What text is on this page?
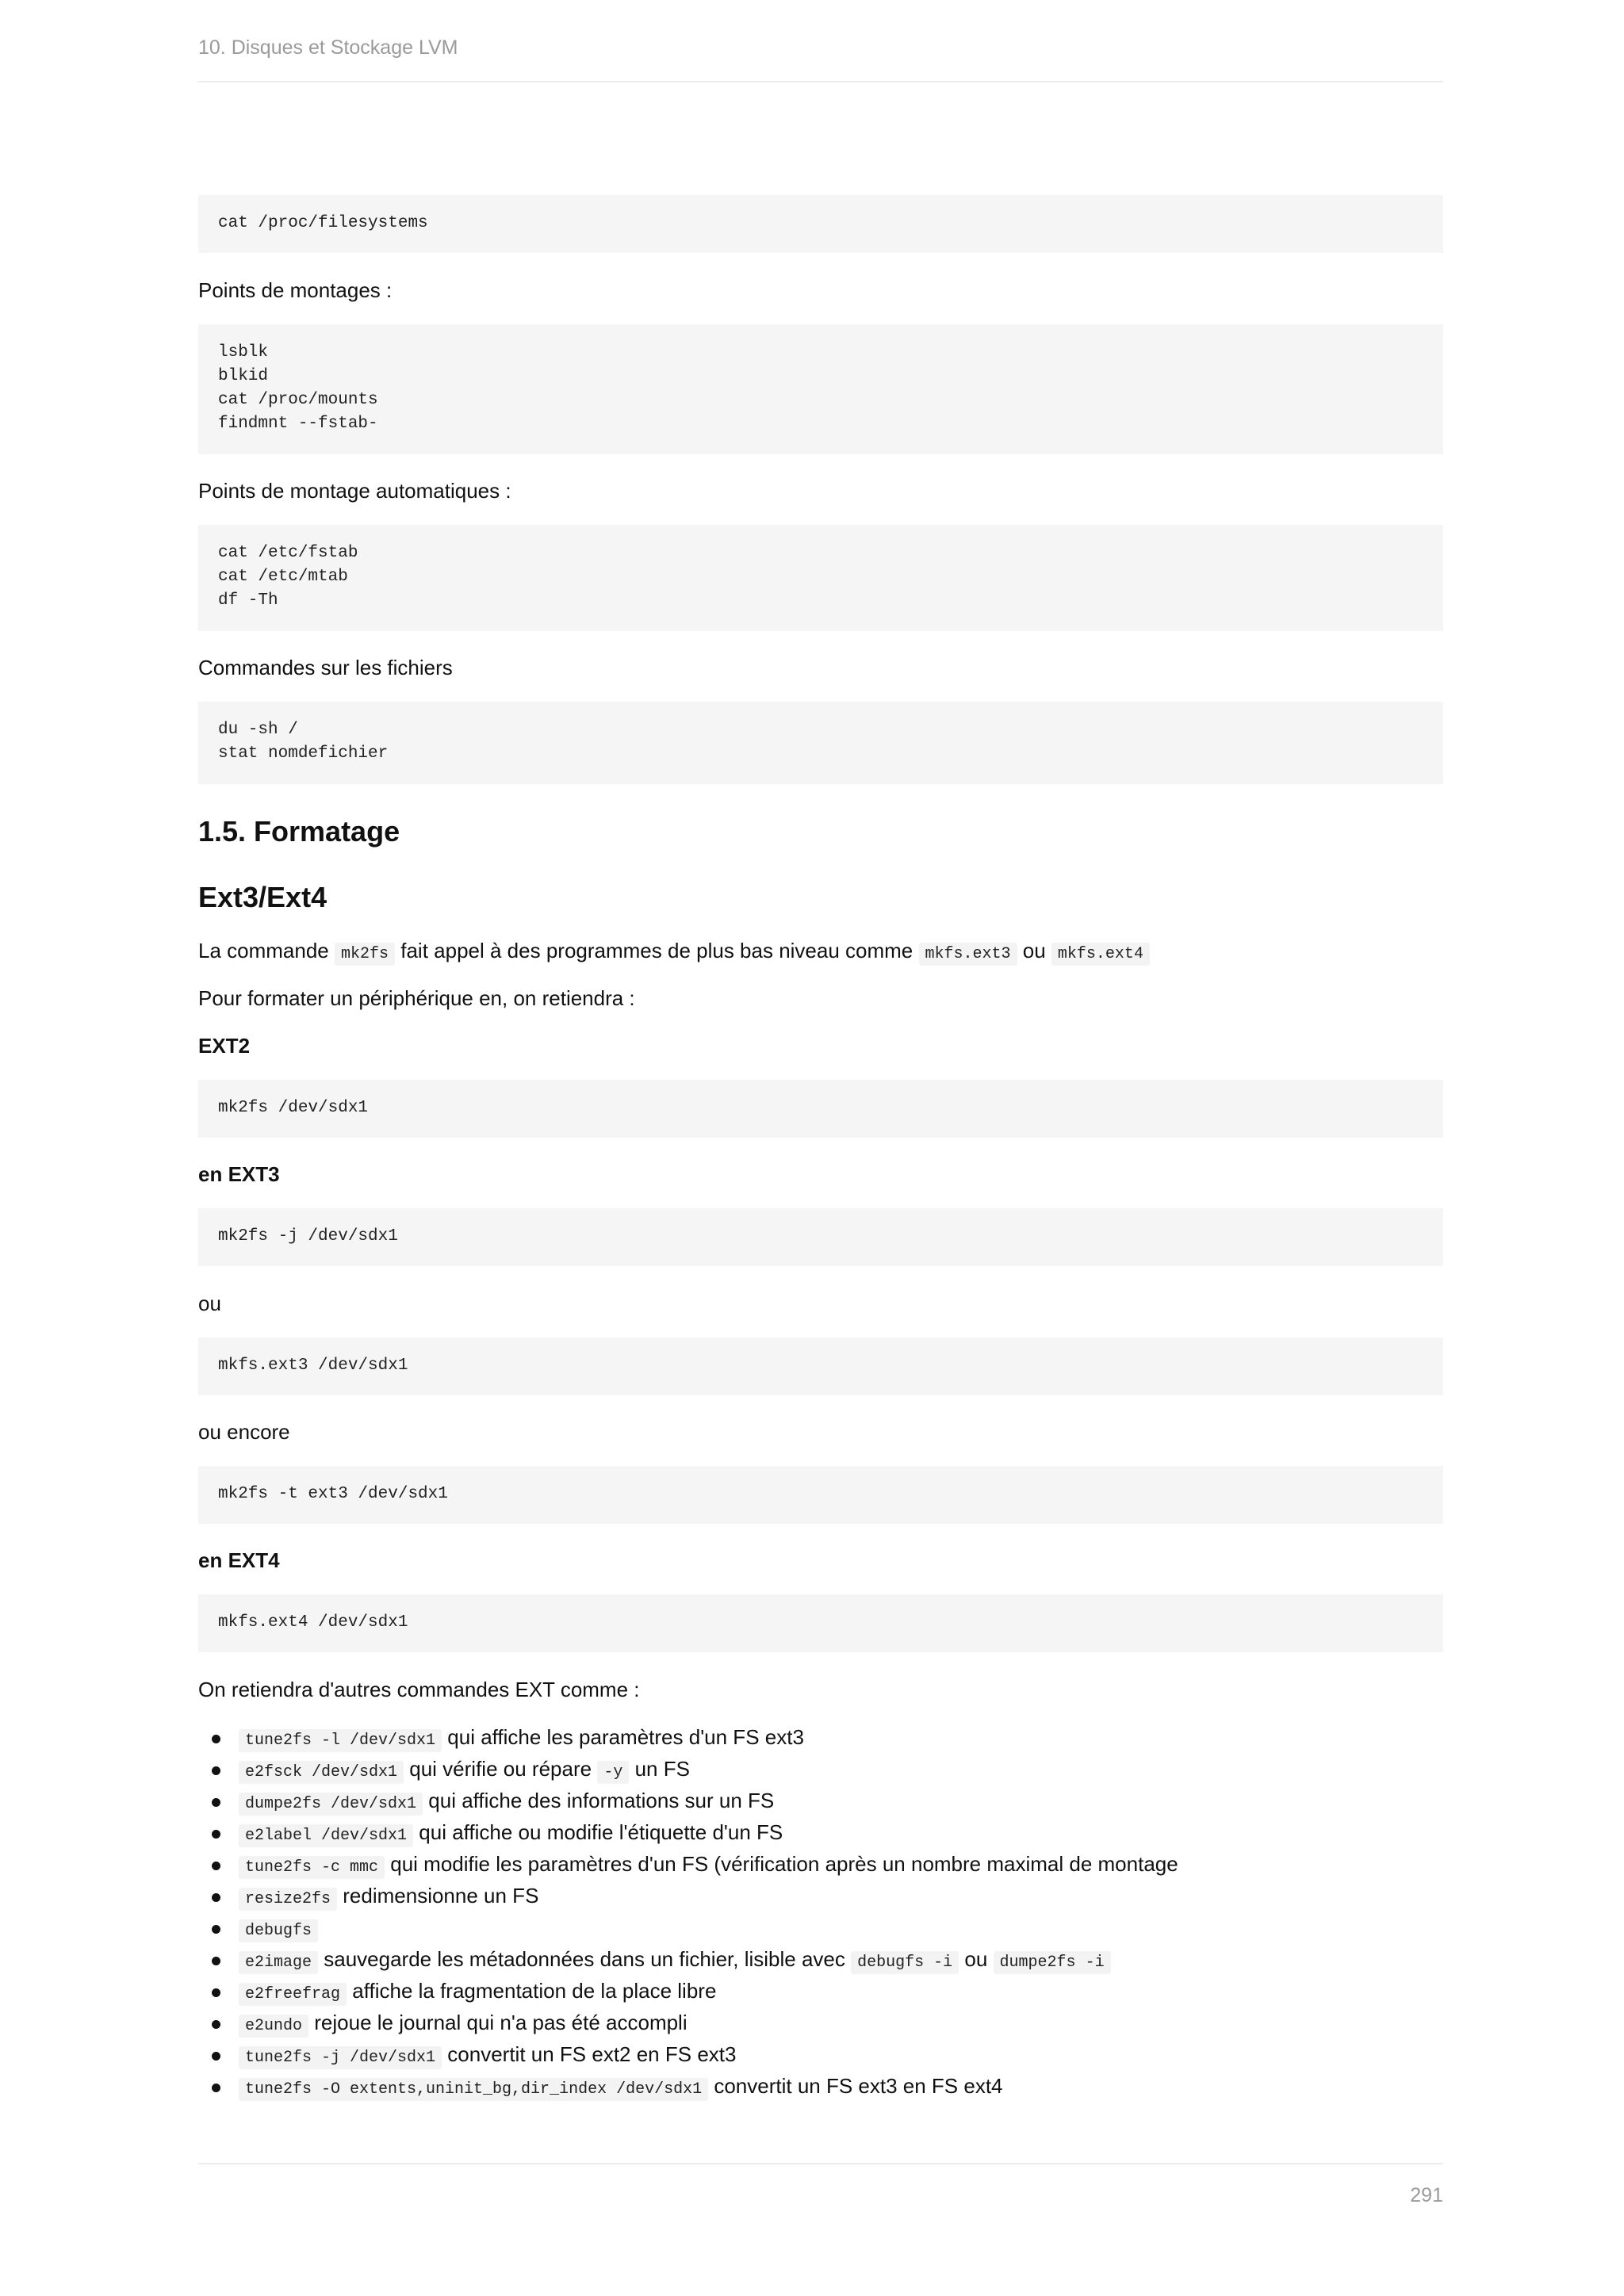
10. Disques et Stockage LVM
cat /proc/filesystems
Points de montages :
lsblk
blkid
cat /proc/mounts
findmnt --fstab-
Points de montage automatiques :
cat /etc/fstab
cat /etc/mtab
df -Th
Commandes sur les fichiers
du -sh /
stat nomdefichier
1.5. Formatage
Ext3/Ext4
La commande mk2fs fait appel à des programmes de plus bas niveau comme mkfs.ext3 ou mkfs.ext4
Pour formater un périphérique en, on retiendra :
EXT2
mk2fs /dev/sdx1
en EXT3
mk2fs -j /dev/sdx1
ou
mkfs.ext3 /dev/sdx1
ou encore
mk2fs -t ext3 /dev/sdx1
en EXT4
mkfs.ext4 /dev/sdx1
On retiendra d'autres commandes EXT comme :
tune2fs -l /dev/sdx1 qui affiche les paramètres d'un FS ext3
e2fsck /dev/sdx1 qui vérifie ou répare -y un FS
dumpe2fs /dev/sdx1 qui affiche des informations sur un FS
e2label /dev/sdx1 qui affiche ou modifie l'étiquette d'un FS
tune2fs -c mmc qui modifie les paramètres d'un FS (vérification après un nombre maximal de montage
resize2fs redimensionne un FS
debugfs
e2image sauvegarde les métadonnées dans un fichier, lisible avec debugfs -i ou dumpe2fs -i
e2freefrag affiche la fragmentation de la place libre
e2undo rejoue le journal qui n'a pas été accompli
tune2fs -j /dev/sdx1 convertit un FS ext2 en FS ext3
tune2fs -O extents,uninit_bg,dir_index /dev/sdx1 convertit un FS ext3 en FS ext4
291
